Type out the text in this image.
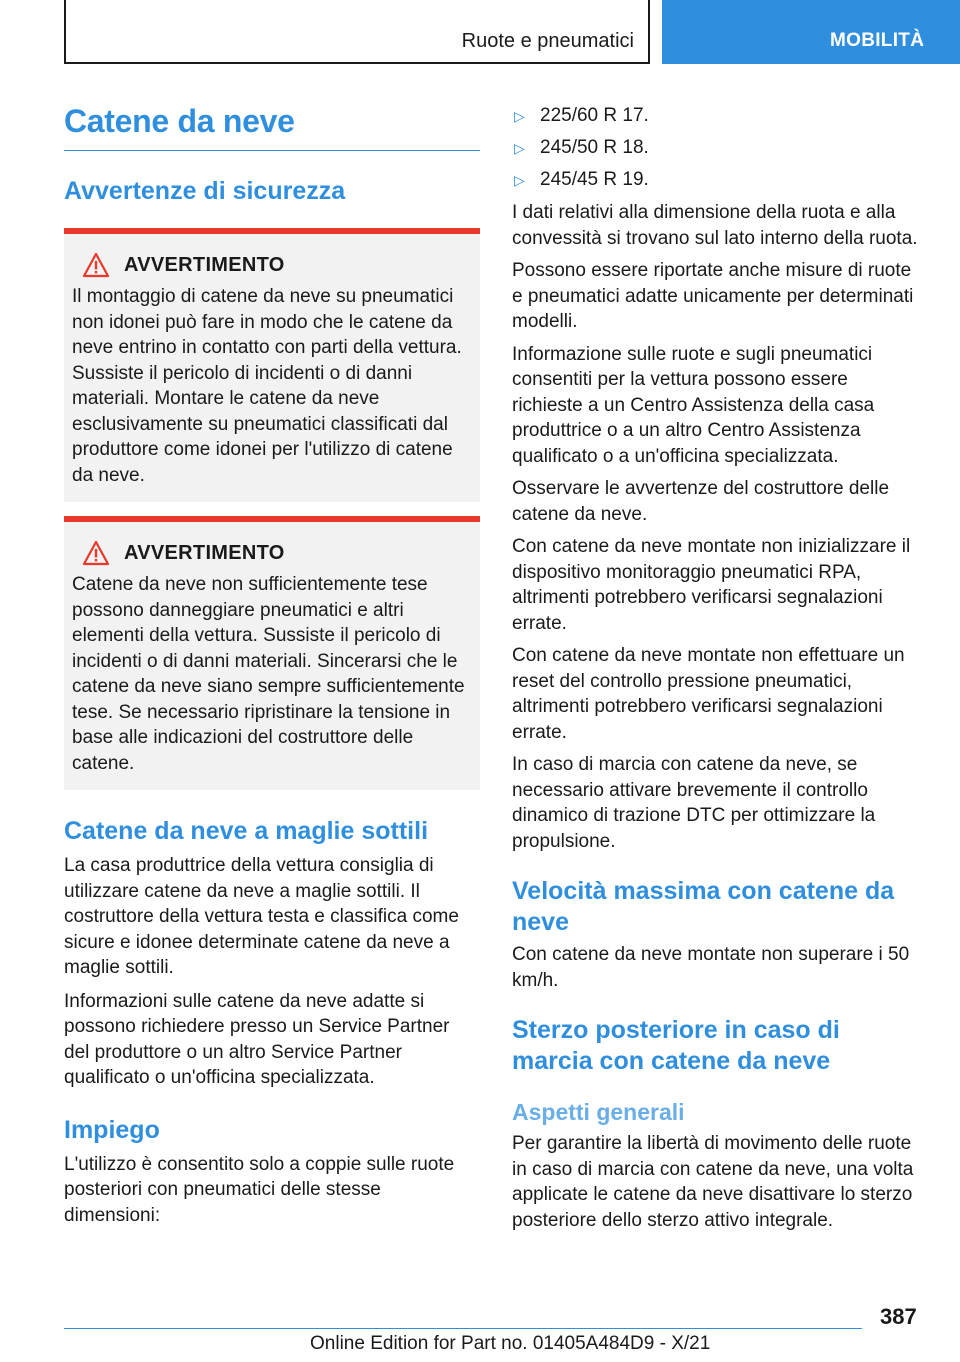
Ruote e pneumatici	MOBILITÀ
Catene da neve
Avvertenze di sicurezza
AVVERTIMENTO

Il montaggio di catene da neve su pneumatici non idonei può fare in modo che le catene da neve entrino in contatto con parti della vettura. Sussiste il pericolo di incidenti o di danni materiali. Montare le catene da neve esclusivamente su pneumatici classificati dal produttore come idonei per l'utilizzo di catene da neve.

AVVERTIMENTO

Catene da neve non sufficientemente tese possono danneggiare pneumatici e altri elementi della vettura. Sussiste il pericolo di incidenti o di danni materiali. Sincerarsi che le catene da neve siano sempre sufficientemente tese. Se necessario ripristinare la tensione in base alle indicazioni del costruttore delle catene.

Catene da neve a maglie sottili

La casa produttrice della vettura consiglia di utilizzare catene da neve a maglie sottili. Il costruttore della vettura testa e classifica come sicure e idonee determinate catene da neve a maglie sottili.

Informazioni sulle catene da neve adatte si possono richiedere presso un Service Partner del produttore o un altro Service Partner qualificato o un'officina specializzata.

Impiego

L'utilizzo è consentito solo a coppie sulle ruote posteriori con pneumatici delle stesse dimensioni:

▷ 225/60 R 17.
▷ 245/50 R 18.
▷ 245/45 R 19.

I dati relativi alla dimensione della ruota e alla convessità si trovano sul lato interno della ruota.

Possono essere riportate anche misure di ruote e pneumatici adatte unicamente per determinati modelli.

Informazione sulle ruote e sugli pneumatici consentiti per la vettura possono essere richieste a un Centro Assistenza della casa produttrice o a un altro Centro Assistenza qualificato o a un'officina specializzata.

Osservare le avvertenze del costruttore delle catene da neve.

Con catene da neve montate non inizializzare il dispositivo monitoraggio pneumatici RPA, altrimenti potrebbero verificarsi segnalazioni errate.

Con catene da neve montate non effettuare un reset del controllo pressione pneumatici, altrimenti potrebbero verificarsi segnalazioni errate.

In caso di marcia con catene da neve, se necessario attivare brevemente il controllo dinamico di trazione DTC per ottimizzare la propulsione.

Velocità massima con catene da neve

Con catene da neve montate non superare i 50 km/h.

Sterzo posteriore in caso di marcia con catene da neve
Aspetti generali

Per garantire la libertà di movimento delle ruote in caso di marcia con catene da neve, una volta applicate le catene da neve disattivare lo sterzo posteriore dello sterzo attivo integrale.

387
Online Edition for Part no. 01405A484D9 - X/21
